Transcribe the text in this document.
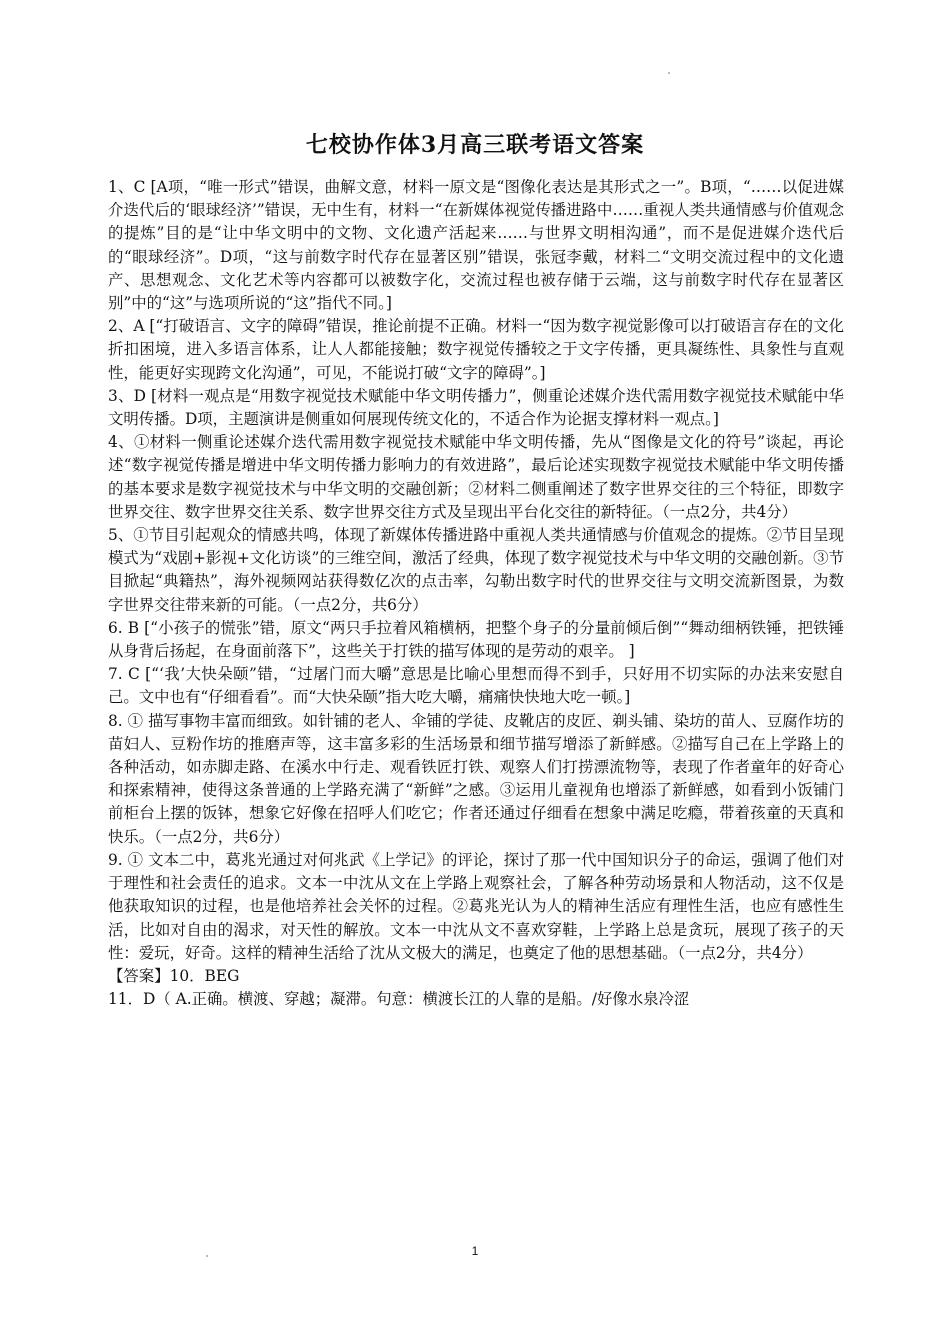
七校协作体3月高三联考语文答案

1、C [A项，“唯一形式”错误，曲解文意，材料一原文是“图像化表达是其形式之一”。B项，“……以促进媒介迭代后的‘眼球经济’”错误，无中生有，材料一“在新媒体视觉传播进路中……重视人类共通情感与价值观念的提炼”目的是“让中华文明中的文物、文化遗产活起来……与世界文明相沟通”，而不是促进媒介迭代后的“眼球经济”。D项，“这与前数字时代存在显著区别”错误，张冠李戴，材料二“文明交流过程中的文化遗产、思想观念、文化艺术等内容都可以被数字化，交流过程也被存储于云端，这与前数字时代存在显著区别”中的“这”与选项所说的“这”指代不同。]

2、A [“打破语言、文字的障碍”错误，推论前提不正确。材料一“因为数字视觉影像可以打破语言存在的文化折扣困境，进入多语言体系，让人人都能接触；数字视觉传播较之于文字传播，更具凝练性、具象性与直观性，能更好实现跨文化沟通”，可见，不能说打破“文字的障碍”。]

3、D [材料一观点是“用数字视觉技术赋能中华文明传播力”，侧重论述媒介迭代需用数字视觉技术赋能中华文明传播。D项，主题演讲是侧重如何展现传统文化的，不适合作为论据支撑材料一观点。]

4、①材料一侧重论述媒介迭代需用数字视觉技术赋能中华文明传播，先从“图像是文化的符号”谈起，再论述“数字视觉传播是增进中华文明传播力影响力的有效进路”，最后论述实现数字视觉技术赋能中华文明传播的基本要求是数字视觉技术与中华文明的交融创新；②材料二侧重阐述了数字世界交往的三个特征，即数字世界交往、数字世界交往关系、数字世界交往方式及呈现出平台化交往的新特征。（一点2分，共4分）

5、①节目引起观众的情感共鸣，体现了新媒体传播进路中重视人类共通情感与价值观念的提炼。②节目呈现模式为“戏剧+影视+文化访谈”的三维空间，激活了经典，体现了数字视觉技术与中华文明的交融创新。③节目掀起“典籍热”，海外视频网站获得数亿次的点击率，勾勒出数字时代的世界交往与文明交流新图景，为数字世界交往带来新的可能。（一点2分，共6分）

6. B [“小孩子的慌张”错，原文“两只手拉着风箱横柄，把整个身子的分量前倾后倒”“舞动细柄铁锤，把铁锤从身背后扬起，在身面前落下”，这些关于打铁的描写体现的是劳动的艰辛。 ]

7. C [“‘我’大快朵颐”错，“过屠门而大嚼”意思是比喻心里想而得不到手，只好用不切实际的办法来安慰自己。文中也有“仔细看看”。而“大快朵颐”指大吃大嚼，痛痛快快地大吃一顿。]

8. ① 描写事物丰富而细致。如针铺的老人、伞铺的学徒、皮靴店的皮匠、剃头铺、染坊的苗人、豆腐作坊的苗妇人、豆粉作坊的推磨声等，这丰富多彩的生活场景和细节描写增添了新鲜感。②描写自己在上学路上的各种活动，如赤脚走路、在溪水中行走、观看铁匠打铁、观察人们打捞漂流物等，表现了作者童年的好奇心和探索精神，使得这条普通的上学路充满了“新鲜”之感。③运用儿童视角也增添了新鲜感，如看到小饭铺门前柜台上摆的饭钵，想象它好像在招呼人们吃它；作者还通过仔细看在想象中满足吃瘾，带着孩童的天真和快乐。（一点2分，共6分）

9. ① 文本二中，葛兆光通过对何兆武《上学记》的评论，探讨了那一代中国知识分子的命运，强调了他们对于理性和社会责任的追求。文本一中沈从文在上学路上观察社会，了解各种劳动场景和人物活动，这不仅是他获取知识的过程，也是他培养社会关怀的过程。②葛兆光认为人的精神生活应有理性生活，也应有感性生活，比如对自由的渴求，对天性的解放。文本一中沈从文不喜欢穿鞋，上学路上总是贪玩，展现了孩子的天性：爱玩，好奇。这样的精神生活给了沈从文极大的满足，也奠定了他的思想基础。（一点2分，共4分）

【答案】10．BEG

11．D（ A.正确。横渡、穿越；凝滞。句意：横渡长江的人靠的是船。/好像水泉冷涩

1
